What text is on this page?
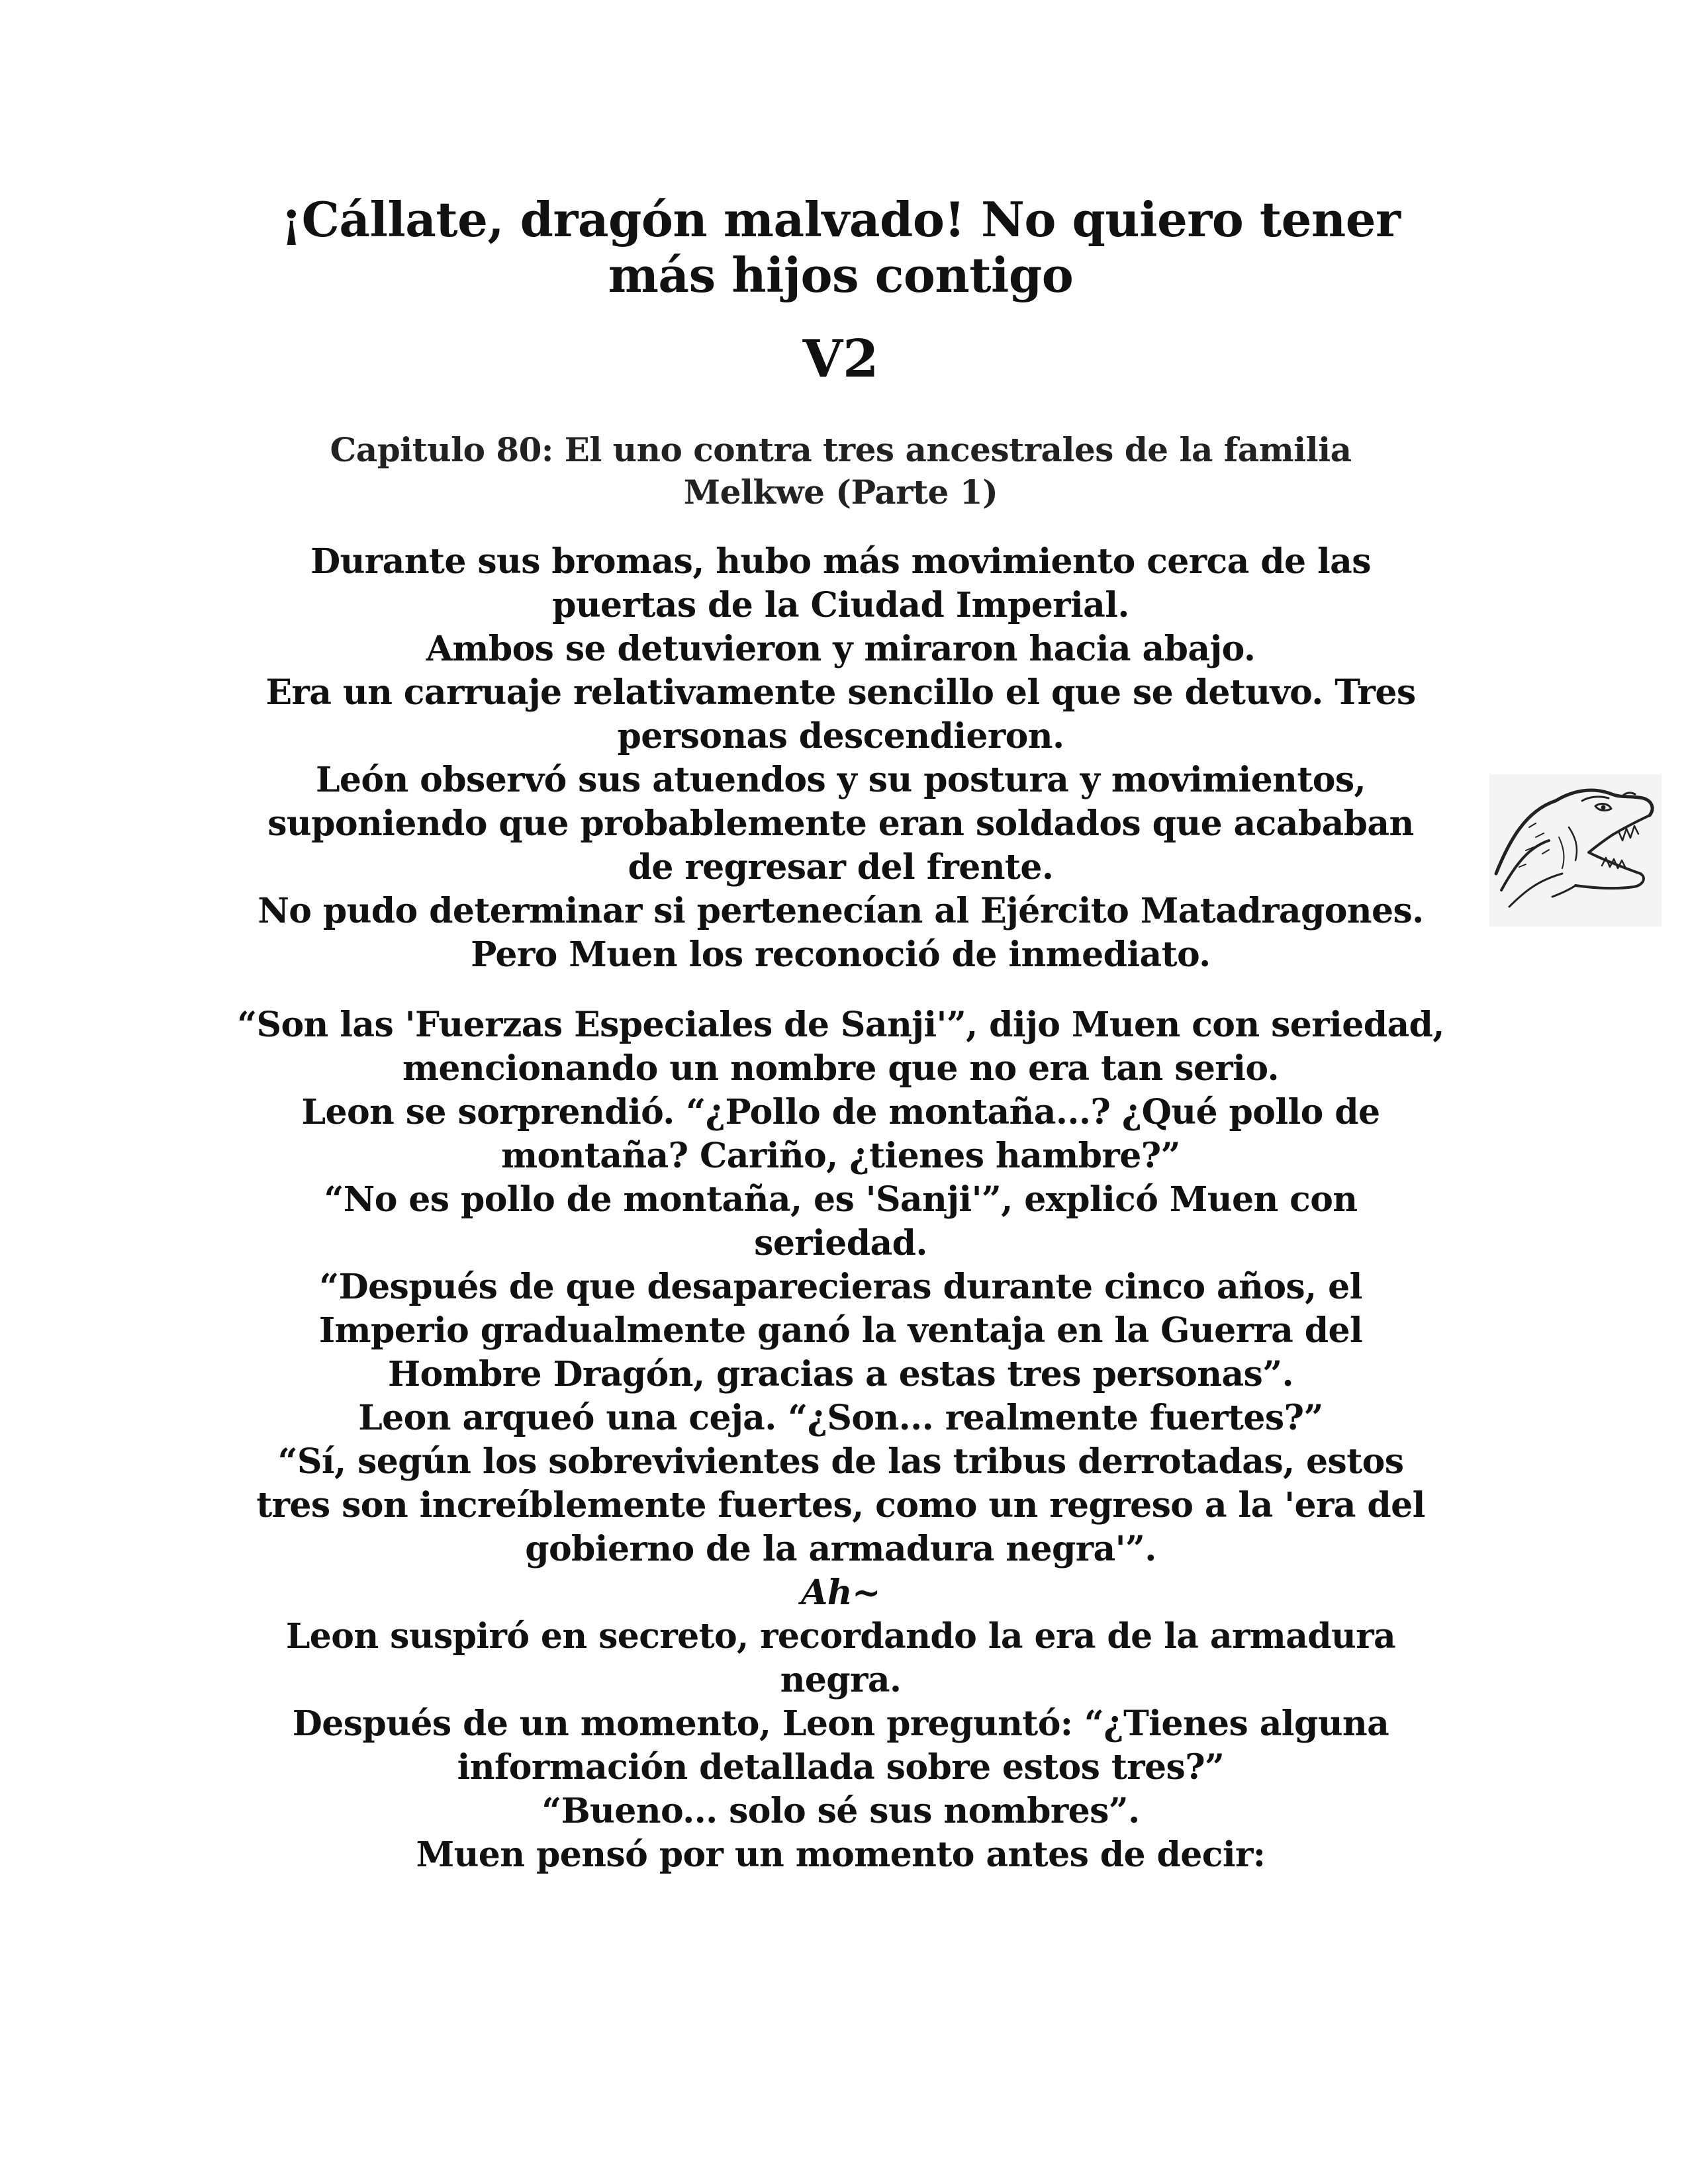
¡Cállate, dragón malvado! No quiero tener
más hijos contigo
V2
Capitulo 80: El uno contra tres ancestrales de la familia
Melkwe (Parte 1)
Durante sus bromas, hubo más movimiento cerca de las
puertas de la Ciudad Imperial.
Ambos se detuvieron y miraron hacia abajo.
Era un carruaje relativamente sencillo el que se detuvo. Tres
personas descendieron.
León observó sus atuendos y su postura y movimientos,
suponiendo que probablemente eran soldados que acababan
de regresar del frente.
No pudo determinar si pertenecían al Ejército Matadragones.
Pero Muen los reconoció de inmediato.
“Son las 'Fuerzas Especiales de Sanji'”, dijo Muen con seriedad,
mencionando un nombre que no era tan serio.
Leon se sorprendió. “¿Pollo de montaña...? ¿Qué pollo de
montaña? Cariño, ¿tienes hambre?”
“No es pollo de montaña, es 'Sanji'”, explicó Muen con
seriedad.
“Después de que desaparecieras durante cinco años, el
Imperio gradualmente ganó la ventaja en la Guerra del
Hombre Dragón, gracias a estas tres personas”.
Leon arqueó una ceja. “¿Son... realmente fuertes?”
“Sí, según los sobrevivientes de las tribus derrotadas, estos
tres son increíblemente fuertes, como un regreso a la 'era del
gobierno de la armadura negra'”.
Ah~
Leon suspiró en secreto, recordando la era de la armadura
negra.
Después de un momento, Leon preguntó: “¿Tienes alguna
información detallada sobre estos tres?”
“Bueno... solo sé sus nombres”.
Muen pensó por un momento antes de decir:
